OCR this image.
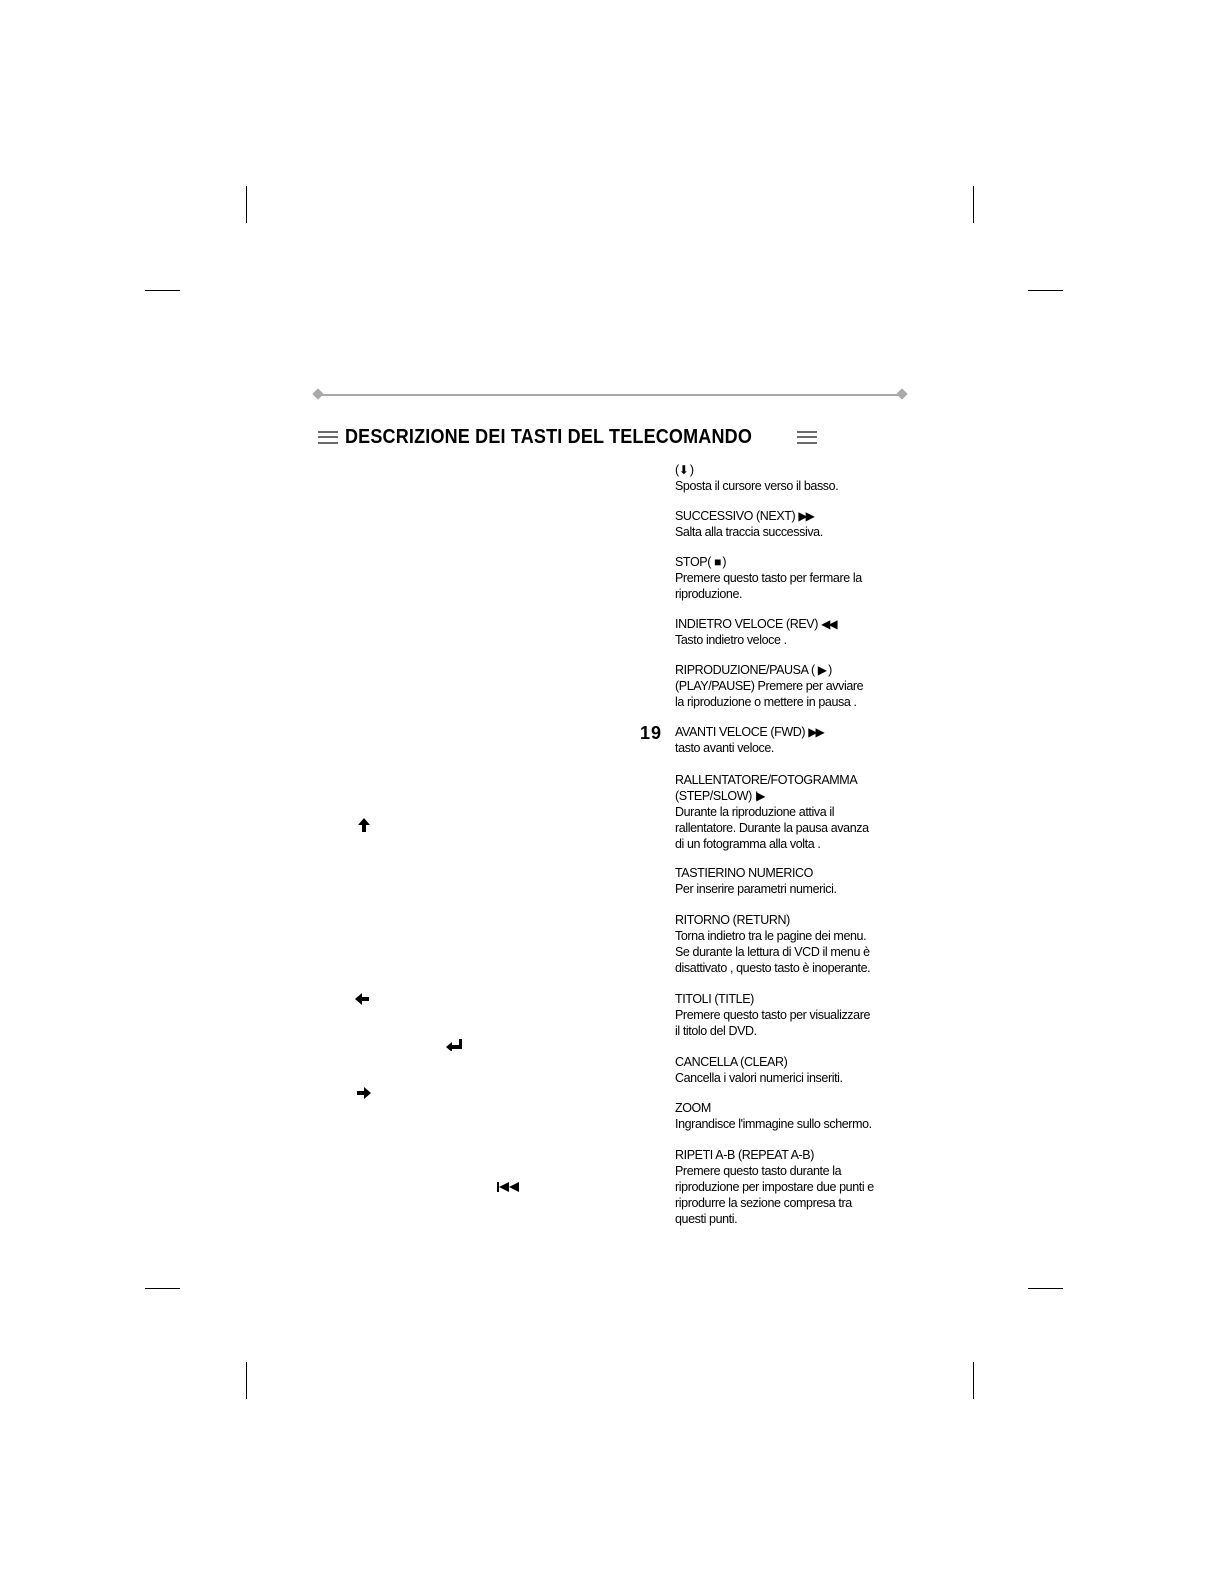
DESCRIZIONE DEI TASTI DEL TELECOMANDO
19
(⬇ )
Sposta il cursore verso il basso.
SUCCESSIVO (NEXT) ▶▶
Salta alla traccia successiva.
STOP( ■ )
Premere questo tasto per fermare la
riproduzione.
INDIETRO VELOCE (REV) ◀◀
Tasto indietro veloce .
RIPRODUZIONE/PAUSA ( ▶ )
(PLAY/PAUSE) Premere per avviare
la riproduzione o mettere in pausa .
AVANTI VELOCE (FWD) ▶▶
tasto avanti veloce.
RALLENTATORE/FOTOGRAMMA
(STEP/SLOW) I▶
Durante la riproduzione attiva il
rallentatore. Durante la pausa avanza
di un fotogramma alla volta .
TASTIERINO NUMERICO
Per inserire parametri numerici.
RITORNO (RETURN)
Torna indietro tra le pagine dei menu.
Se durante la lettura di VCD il menu è
disattivato , questo tasto è inoperante.
TITOLI (TITLE)
Premere questo tasto per visualizzare
il titolo del DVD.
CANCELLA (CLEAR)
Cancella i valori numerici inseriti.
ZOOM
Ingrandisce l'immagine sullo schermo.
RIPETI A-B (REPEAT A-B)
Premere questo tasto durante la
riproduzione per impostare due punti e
riprodurre la sezione compresa tra
questi punti.
